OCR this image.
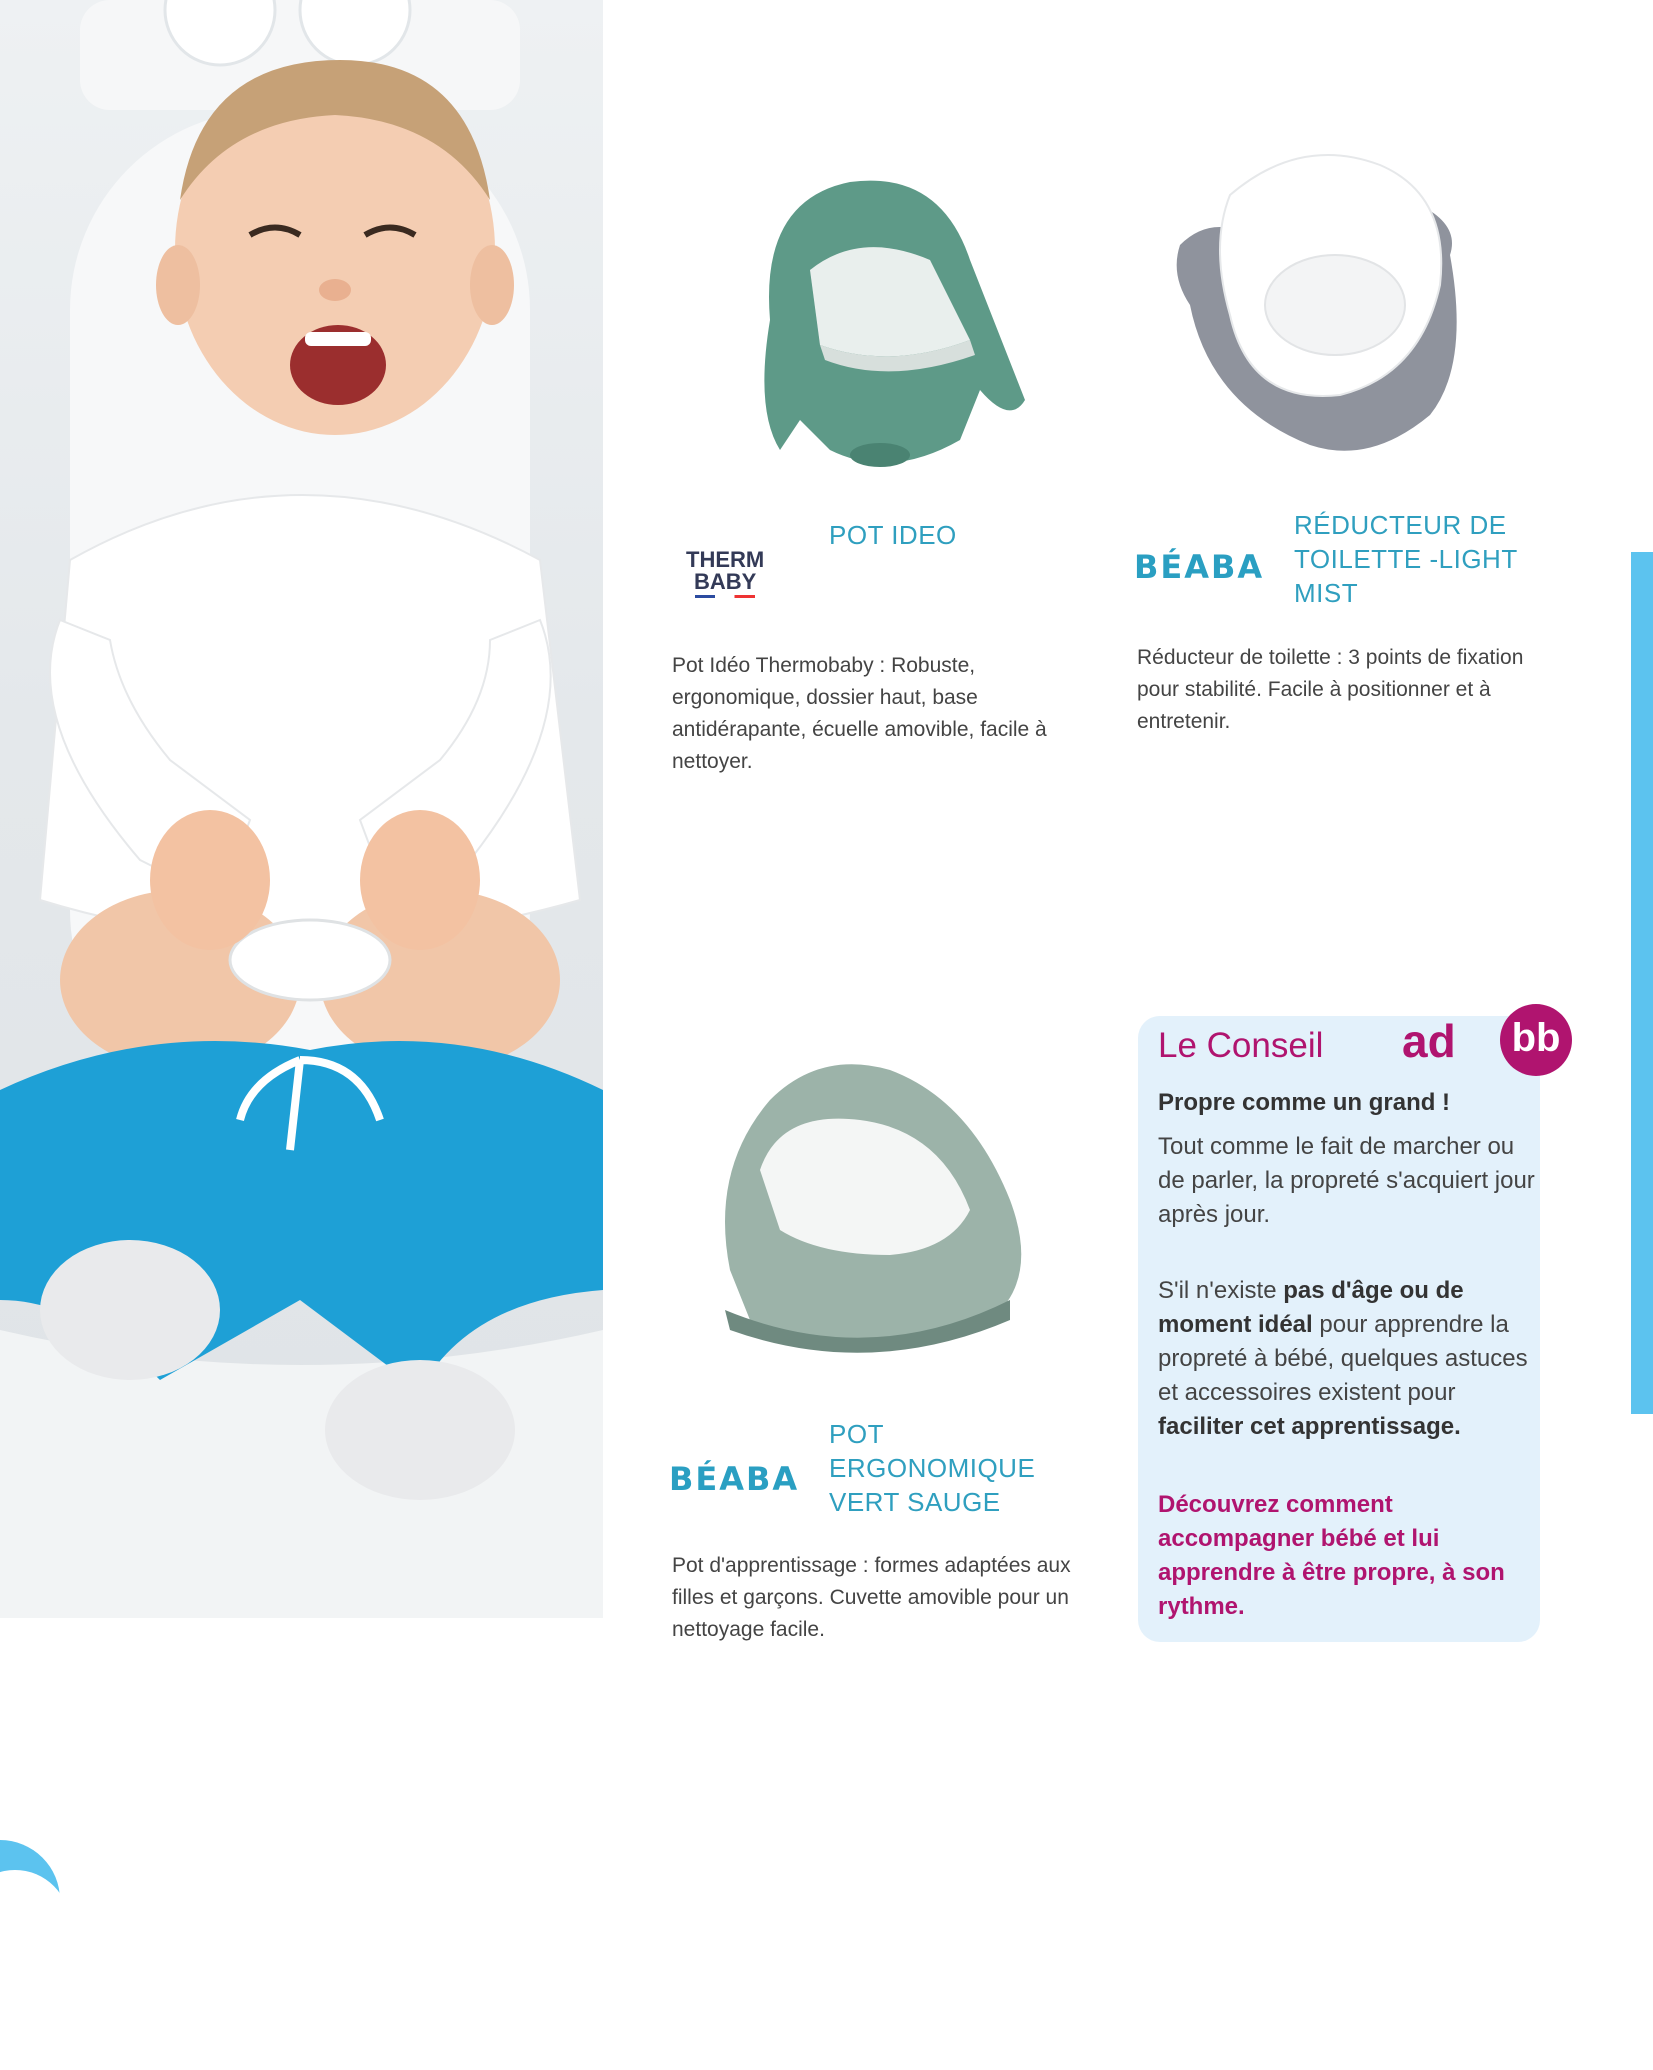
THERM
BABY

POT IDEO

Pot Idéo Thermobaby : Robuste, ergonomique, dossier haut, base antidérapante, écuelle amovible, facile à nettoyer.

BÉABA

RÉDUCTEUR DE
TOILETTE -LIGHT
MIST

Réducteur de toilette : 3 points de fixation pour stabilité. Facile à positionner et à entretenir.

BÉABA

POT
ERGONOMIQUE
VERT SAUGE

Pot d'apprentissage : formes adaptées aux filles et garçons. Cuvette amovible pour un nettoyage facile.

Le Conseil ad bb

Propre comme un grand !

Tout comme le fait de marcher ou de parler, la propreté s'acquiert jour après jour.

S'il n'existe pas d'âge ou de moment idéal pour apprendre la propreté à bébé, quelques astuces et accessoires existent pour faciliter cet apprentissage.

Découvrez comment accompagner bébé et lui apprendre à être propre, à son rythme.
